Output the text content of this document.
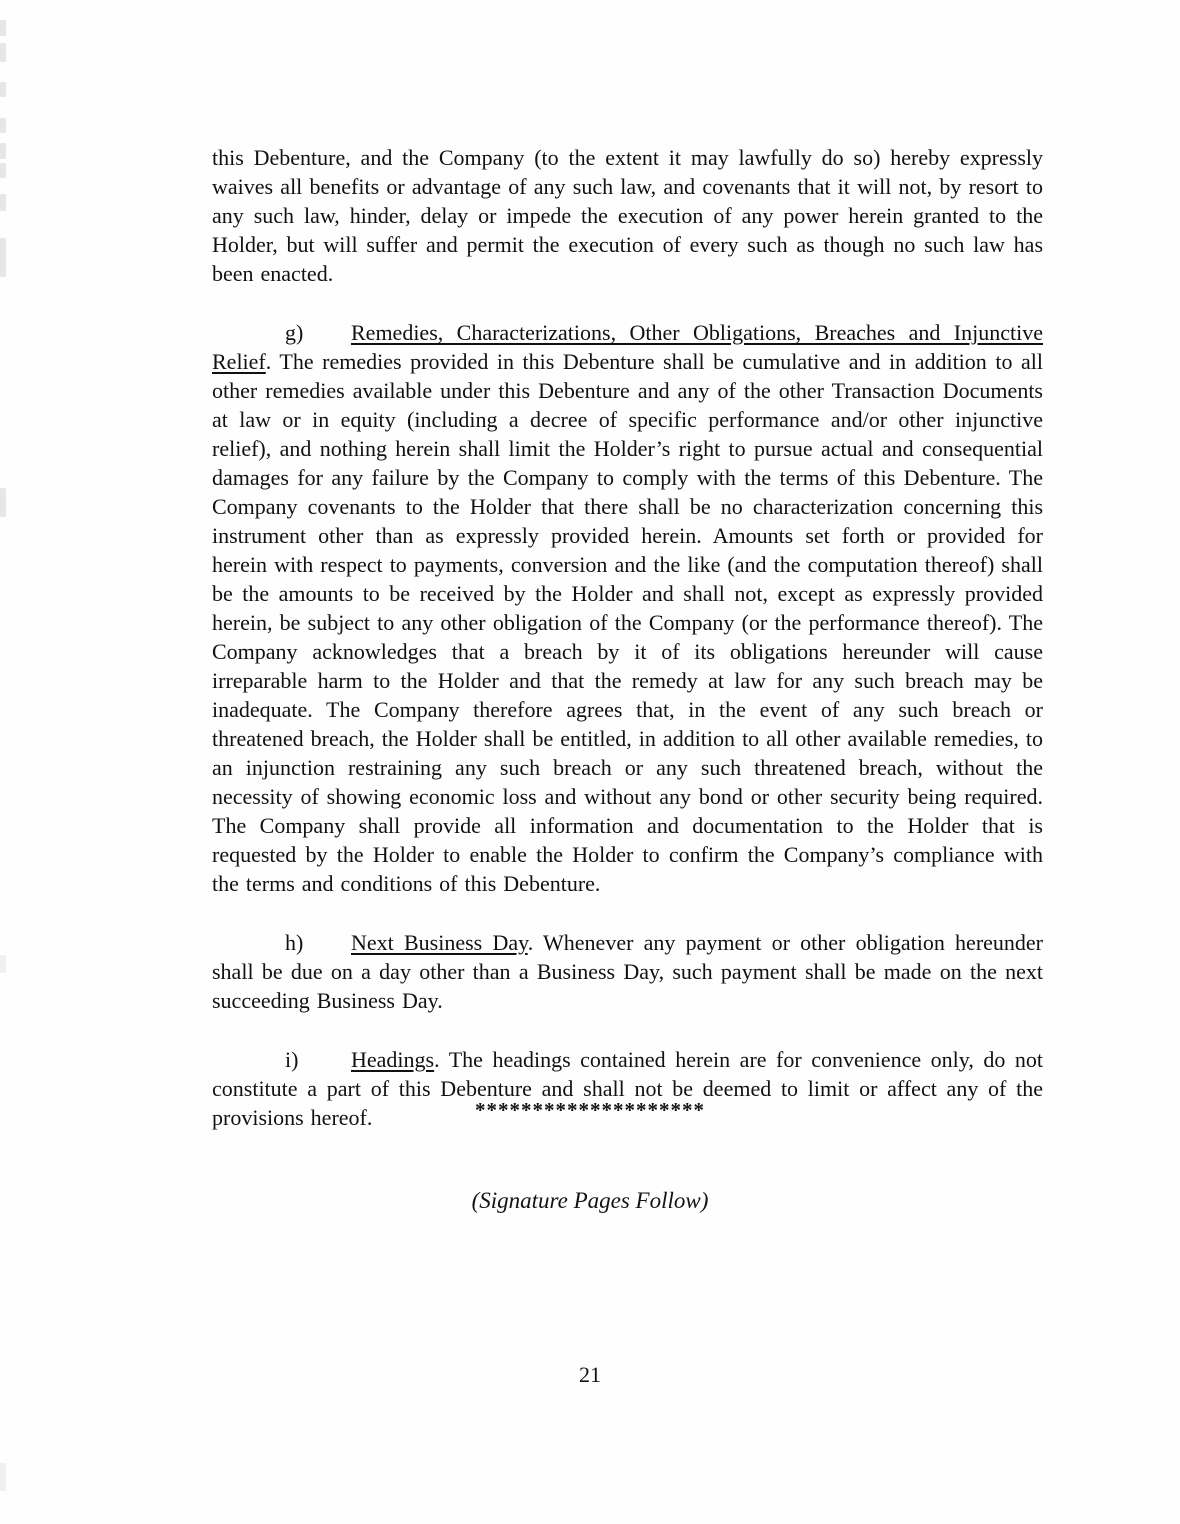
this Debenture, and the Company (to the extent it may lawfully do so) hereby expressly waives all benefits or advantage of any such law, and covenants that it will not, by resort to any such law, hinder, delay or impede the execution of any power herein granted to the Holder, but will suffer and permit the execution of every such as though no such law has been enacted.

g) Remedies, Characterizations, Other Obligations, Breaches and Injunctive Relief. The remedies provided in this Debenture shall be cumulative and in addition to all other remedies available under this Debenture and any of the other Transaction Documents at law or in equity (including a decree of specific performance and/or other injunctive relief), and nothing herein shall limit the Holder’s right to pursue actual and consequential damages for any failure by the Company to comply with the terms of this Debenture. The Company covenants to the Holder that there shall be no characterization concerning this instrument other than as expressly provided herein. Amounts set forth or provided for herein with respect to payments, conversion and the like (and the computation thereof) shall be the amounts to be received by the Holder and shall not, except as expressly provided herein, be subject to any other obligation of the Company (or the performance thereof). The Company acknowledges that a breach by it of its obligations hereunder will cause irreparable harm to the Holder and that the remedy at law for any such breach may be inadequate. The Company therefore agrees that, in the event of any such breach or threatened breach, the Holder shall be entitled, in addition to all other available remedies, to an injunction restraining any such breach or any such threatened breach, without the necessity of showing economic loss and without any bond or other security being required. The Company shall provide all information and documentation to the Holder that is requested by the Holder to enable the Holder to confirm the Company’s compliance with the terms and conditions of this Debenture.

h) Next Business Day. Whenever any payment or other obligation hereunder shall be due on a day other than a Business Day, such payment shall be made on the next succeeding Business Day.

i) Headings. The headings contained herein are for convenience only, do not constitute a part of this Debenture and shall not be deemed to limit or affect any of the provisions hereof.	********************
(Signature Pages Follow)
21
